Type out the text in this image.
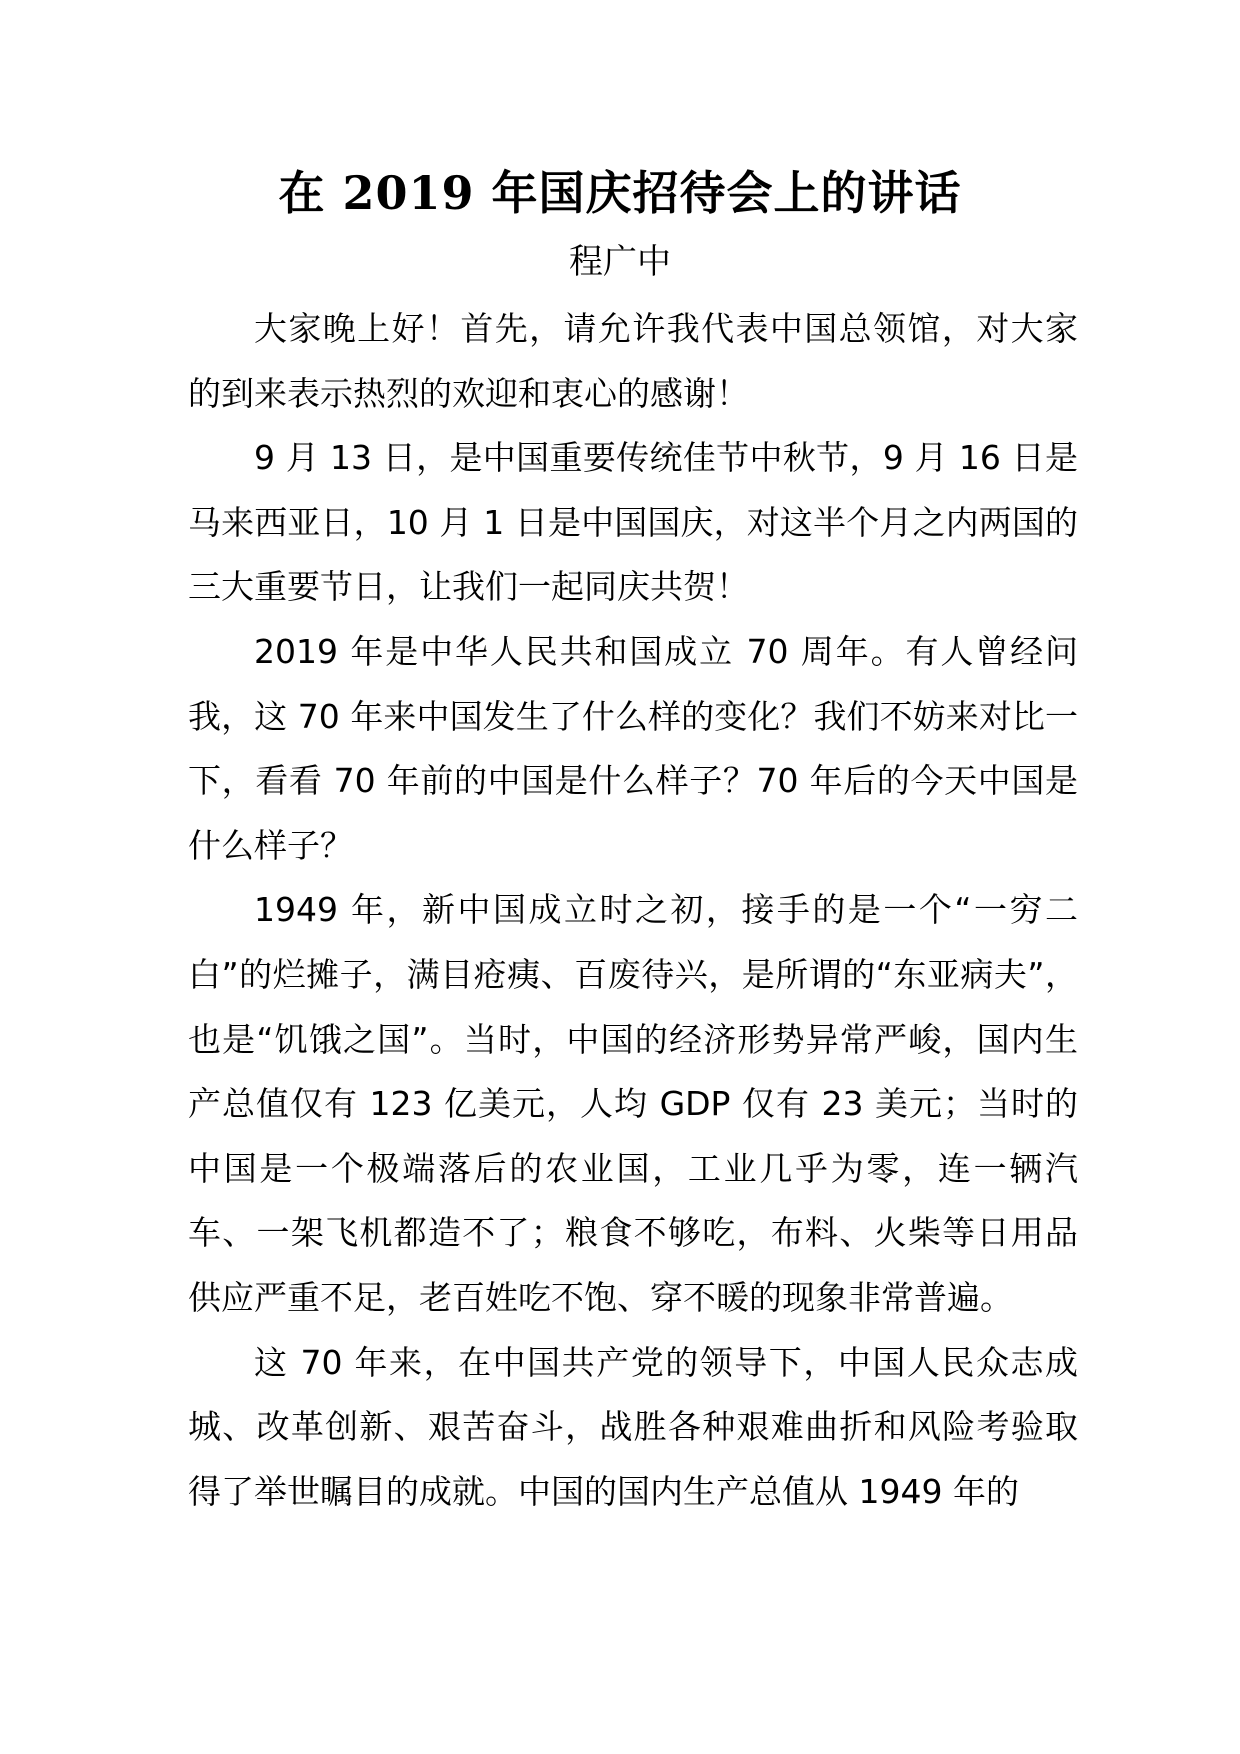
在 2019 年国庆招待会上的讲话
程广中

大家晚上好！首先，请允许我代表中国总领馆，对大家的到来表示热烈的欢迎和衷心的感谢！

9 月 13 日，是中国重要传统佳节中秋节，9 月 16 日是马来西亚日，10 月 1 日是中国国庆，对这半个月之内两国的三大重要节日，让我们一起同庆共贺！

2019 年是中华人民共和国成立 70 周年。有人曾经问我，这 70 年来中国发生了什么样的变化？我们不妨来对比一下，看看 70 年前的中国是什么样子？70 年后的今天中国是什么样子？

1949 年，新中国成立时之初，接手的是一个“一穷二白”的烂摊子，满目疮痍、百废待兴，是所谓的“东亚病夫”，也是“饥饿之国”。当时，中国的经济形势异常严峻，国内生产总值仅有 123 亿美元，人均 GDP 仅有 23 美元；当时的中国是一个极端落后的农业国，工业几乎为零，连一辆汽车、一架飞机都造不了；粮食不够吃，布料、火柴等日用品供应严重不足，老百姓吃不饱、穿不暖的现象非常普遍。

这 70 年来，在中国共产党的领导下，中国人民众志成城、改革创新、艰苦奋斗，战胜各种艰难曲折和风险考验取得了举世瞩目的成就。中国的国内生产总值从 1949 年的
